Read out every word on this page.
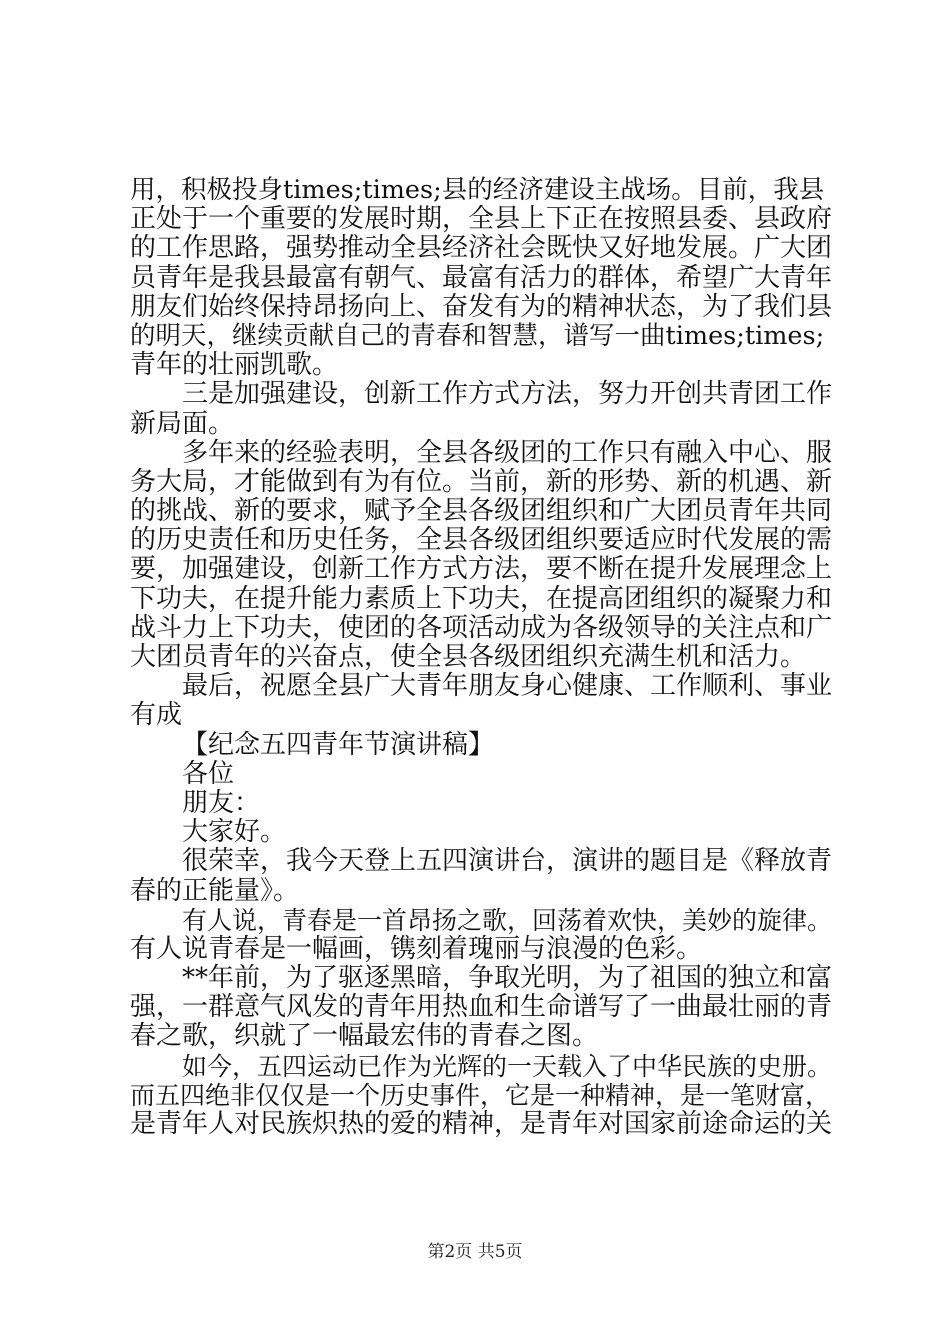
用，积极投身times;times;县的经济建设主战场。目前，我县
正处于一个重要的发展时期，全县上下正在按照县委、县政府
的工作思路，强势推动全县经济社会既快又好地发展。广大团
员青年是我县最富有朝气、最富有活力的群体，希望广大青年
朋友们始终保持昂扬向上、奋发有为的精神状态，为了我们县
的明天，继续贡献自己的青春和智慧，谱写一曲times;times;
青年的壮丽凯歌。
三是加强建设，创新工作方式方法，努力开创共青团工作
新局面。
多年来的经验表明，全县各级团的工作只有融入中心、服
务大局，才能做到有为有位。当前，新的形势、新的机遇、新
的挑战、新的要求，赋予全县各级团组织和广大团员青年共同
的历史责任和历史任务，全县各级团组织要适应时代发展的需
要，加强建设，创新工作方式方法，要不断在提升发展理念上
下功夫，在提升能力素质上下功夫，在提高团组织的凝聚力和
战斗力上下功夫，使团的各项活动成为各级领导的关注点和广
大团员青年的兴奋点，使全县各级团组织充满生机和活力。
最后，祝愿全县广大青年朋友身心健康、工作顺利、事业
有成
【纪念五四青年节演讲稿】
各位
朋友：
大家好。
很荣幸，我今天登上五四演讲台，演讲的题目是《释放青
春的正能量》。
有人说，青春是一首昂扬之歌，回荡着欢快，美妙的旋律。
有人说青春是一幅画，镌刻着瑰丽与浪漫的色彩。
**年前，为了驱逐黑暗，争取光明，为了祖国的独立和富
强，一群意气风发的青年用热血和生命谱写了一曲最壮丽的青
春之歌，织就了一幅最宏伟的青春之图。
如今，五四运动已作为光辉的一天载入了中华民族的史册。
而五四绝非仅仅是一个历史事件，它是一种精神，是一笔财富，
是青年人对民族炽热的爱的精神，是青年对国家前途命运的关
第2页 共5页
